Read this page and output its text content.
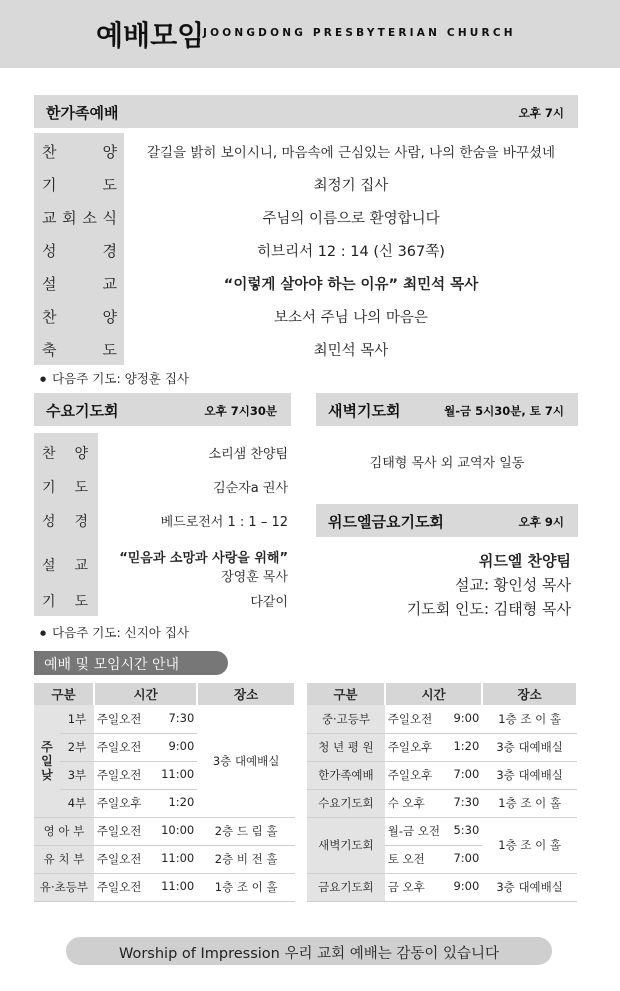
예배모임
JOONGDONG PRESBYTERIAN CHURCH
한가족예배	오후 7시
찬	양	갈길을 밝히 보이시니, 마음속에 근심있는 사람, 나의 한숨을 바꾸셨네
기	도	최정기 집사
교 회 소 식	주님의 이름으로 환영합니다
성	경	히브리서 12 : 14 (신 367쪽)
설	교	“이렇게 살아야 하는 이유” 최민석 목사
찬	양	보소서 주님 나의 마음은
축	도	최민석 목사
● 다음주 기도: 양정훈 집사
수요기도회	오후 7시30분
찬 양	소리샘 찬양팀
기 도	김순자a 권사
성 경	베드로전서 1 : 1 – 12
설 교 “믿음과 소망과 사랑을 위해”
장영훈 목사
기 도	다같이
● 다음주 기도: 신지아 집사
새벽기도회	월-금 5시30분, 토 7시
김태형 목사 외 교역자 일동
위드엘금요기도회	오후 9시
위드엘 찬양팀
설교: 황인성 목사
기도회 인도: 김태형 목사
예배 및 모임시간 안내
구분		시간	장소
주일낮	1부	주일오전 7:30	3층 대예배실
	2부	주일오전 9:00	

	3부	주일오전 11:00	

	4부	주일오후 1:20	

영 아 부		주일오전 10:00	2층 드 림 홀
유 치 부		주일오전 11:00	2층 비 전 홀
유·초등부		주일오전 11:00	1층 조 이 홀
구분	시간	장소
중·고등부	주일오전 9:00	1층 조 이 홀
청 년 평 원	주일오후 1:20	3층 대예배실
한가족예배	주일오후 7:00	3층 대예배실
수요기도회	수 오후 7:30	1층 조 이 홀
새벽기도회	월-금 오전 5:30	1층 조 이 홀
	토 오전 7:00	

금요기도회	금 오후 9:00	3층 대예배실
Worship of Impression 우리 교회 예배는 감동이 있습니다
